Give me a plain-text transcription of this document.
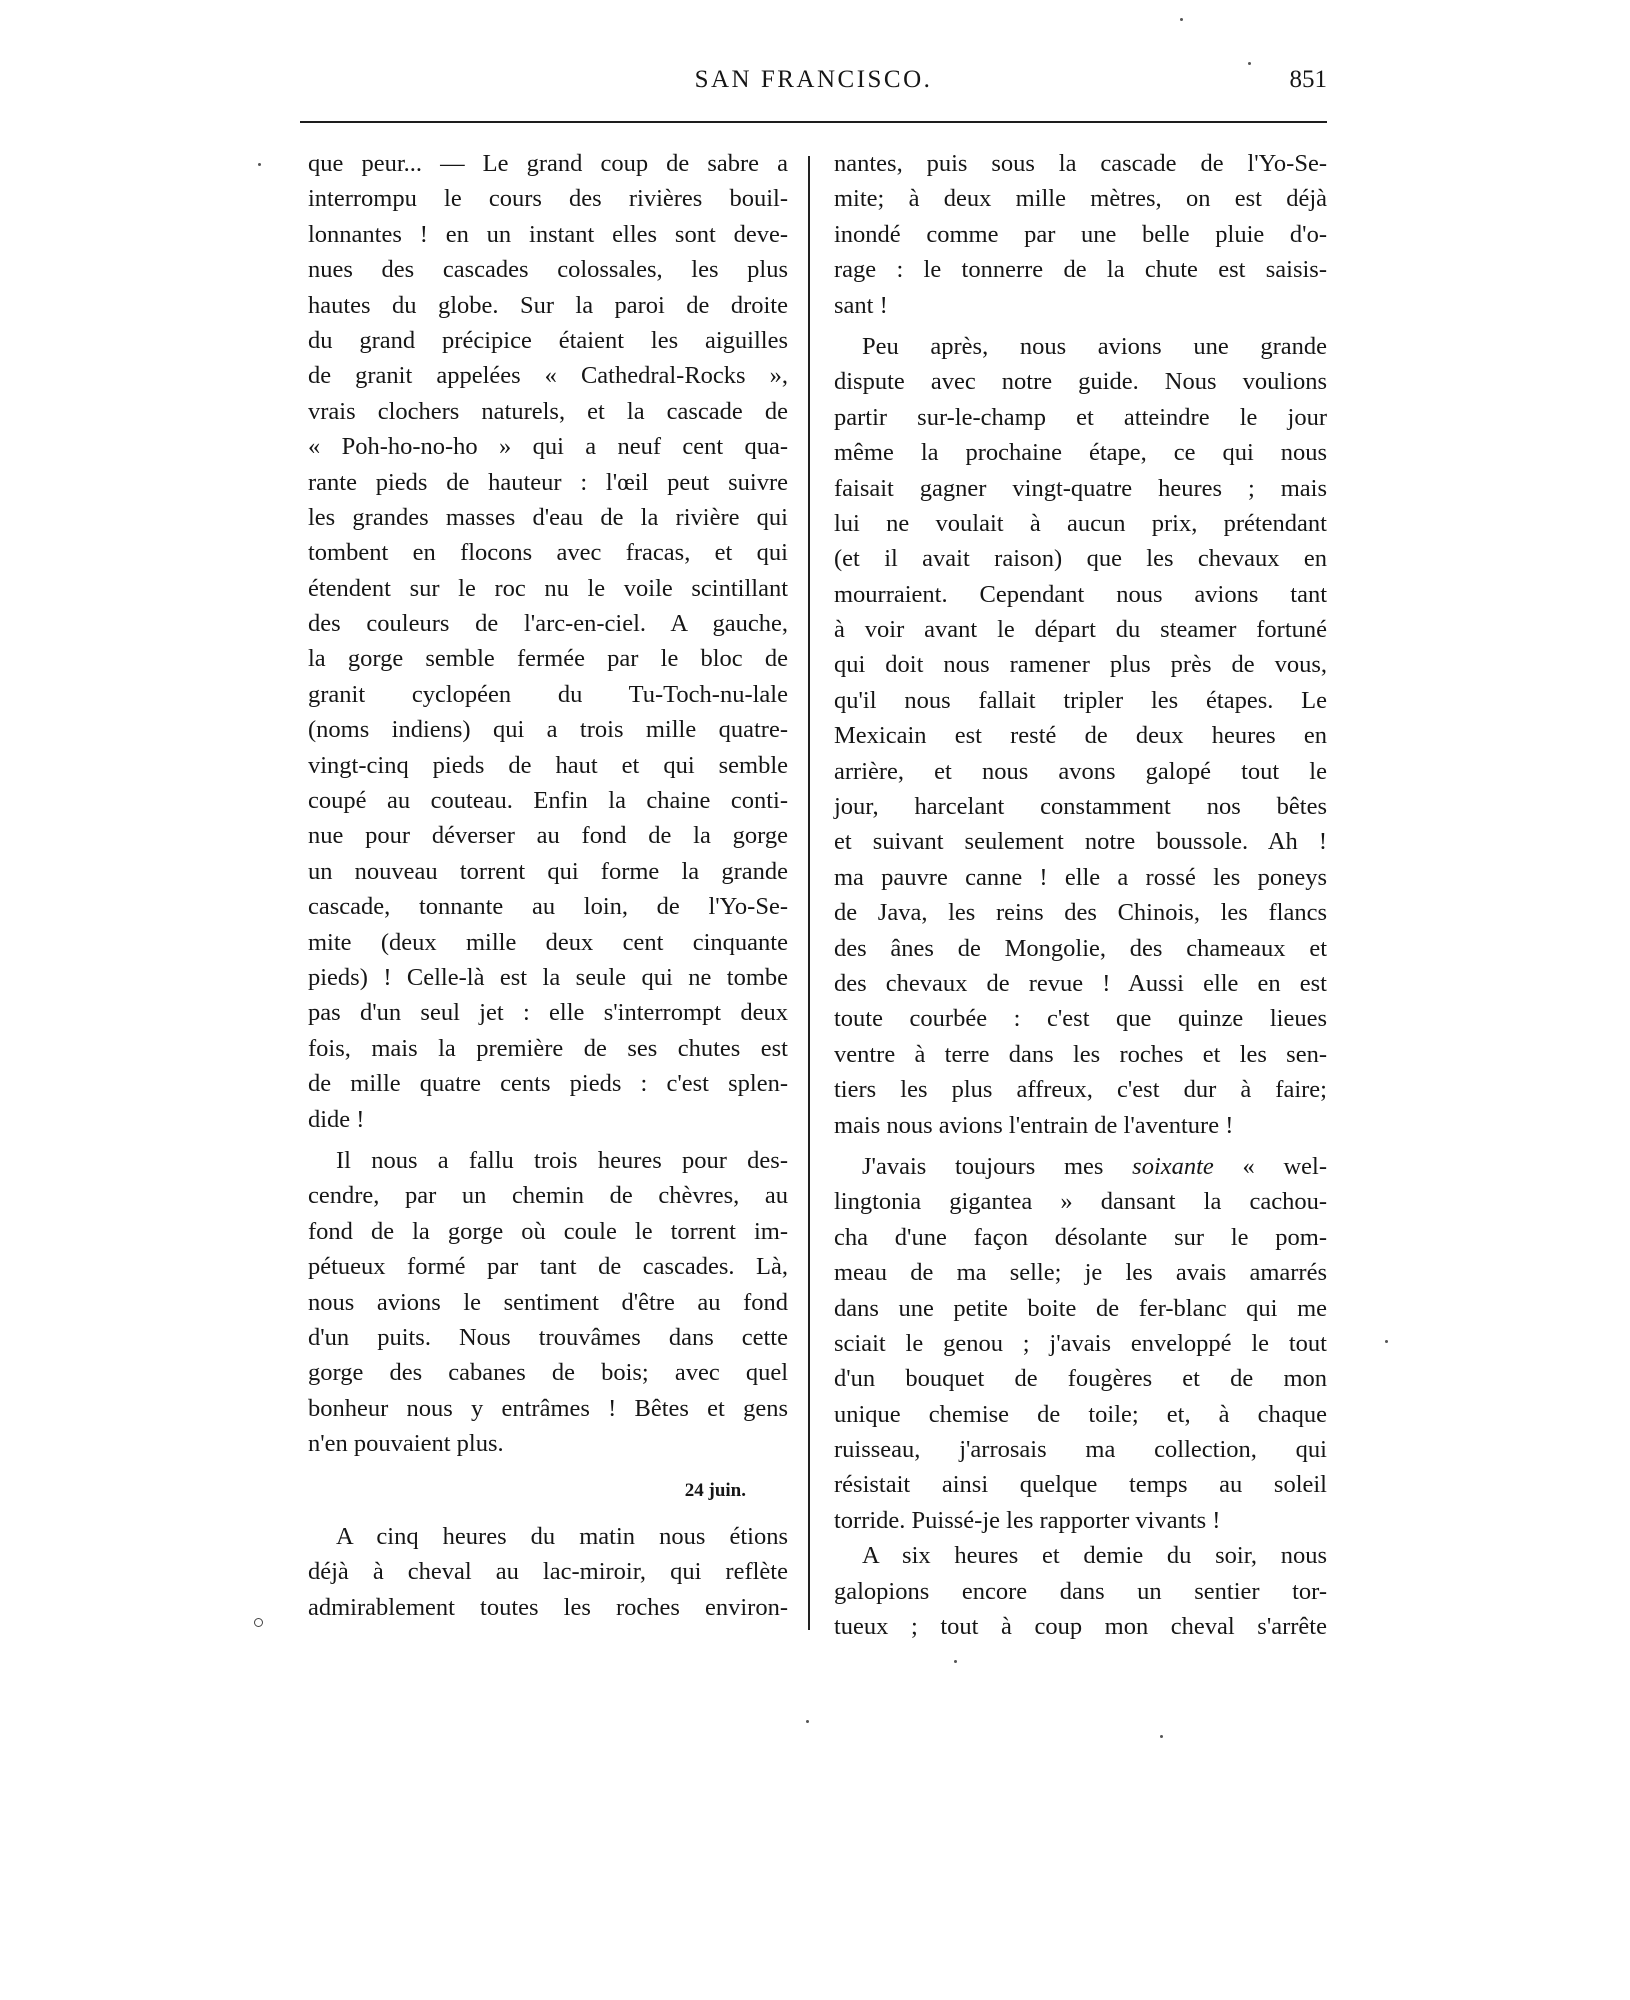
SAN FRANCISCO.	851
que peur... — Le grand coup de sabre a
interrompu le cours des rivières bouil-
lonnantes ! en un instant elles sont deve-
nues des cascades colossales, les plus
hautes du globe. Sur la paroi de droite
du grand précipice étaient les aiguilles
de granit appelées « Cathedral-Rocks »,
vrais clochers naturels, et la cascade de
« Poh-ho-no-ho » qui a neuf cent qua-
rante pieds de hauteur : l'œil peut suivre
les grandes masses d'eau de la rivière qui
tombent en flocons avec fracas, et qui
étendent sur le roc nu le voile scintillant
des couleurs de l'arc-en-ciel. A gauche,
la gorge semble fermée par le bloc de
granit cyclopéen du Tu-Toch-nu-lale
(noms indiens) qui a trois mille quatre-
vingt-cinq pieds de haut et qui semble
coupé au couteau. Enfin la chaine conti-
nue pour déverser au fond de la gorge
un nouveau torrent qui forme la grande
cascade, tonnante au loin, de l'Yo-Se-
mite (deux mille deux cent cinquante
pieds) ! Celle-là est la seule qui ne tombe
pas d'un seul jet : elle s'interrompt deux
fois, mais la première de ses chutes est
de mille quatre cents pieds : c'est splen-
dide !
Il nous a fallu trois heures pour des-
cendre, par un chemin de chèvres, au
fond de la gorge où coule le torrent im-
pétueux formé par tant de cascades. Là,
nous avions le sentiment d'être au fond
d'un puits. Nous trouvâmes dans cette
gorge des cabanes de bois; avec quel
bonheur nous y entrâmes ! Bêtes et gens
n'en pouvaient plus.
24 juin.
A cinq heures du matin nous étions
déjà à cheval au lac-miroir, qui reflète
admirablement toutes les roches environ-
nantes, puis sous la cascade de l'Yo-Se-
mite; à deux mille mètres, on est déjà
inondé comme par une belle pluie d'o-
rage : le tonnerre de la chute est saisis-
sant !
Peu après, nous avions une grande
dispute avec notre guide. Nous voulions
partir sur-le-champ et atteindre le jour
même la prochaine étape, ce qui nous
faisait gagner vingt-quatre heures ; mais
lui ne voulait à aucun prix, prétendant
(et il avait raison) que les chevaux en
mourraient. Cependant nous avions tant
à voir avant le départ du steamer fortuné
qui doit nous ramener plus près de vous,
qu'il nous fallait tripler les étapes. Le
Mexicain est resté de deux heures en
arrière, et nous avons galopé tout le
jour, harcelant constamment nos bêtes
et suivant seulement notre boussole. Ah !
ma pauvre canne ! elle a rossé les poneys
de Java, les reins des Chinois, les flancs
des ânes de Mongolie, des chameaux et
des chevaux de revue ! Aussi elle en est
toute courbée : c'est que quinze lieues
ventre à terre dans les roches et les sen-
tiers les plus affreux, c'est dur à faire;
mais nous avions l'entrain de l'aventure !
J'avais toujours mes soixante « wel-
lingtonia gigantea » dansant la cachou-
cha d'une façon désolante sur le pom-
meau de ma selle; je les avais amarrés
dans une petite boite de fer-blanc qui me
sciait le genou ; j'avais enveloppé le tout
d'un bouquet de fougères et de mon
unique chemise de toile; et, à chaque
ruisseau, j'arrosais ma collection, qui
résistait ainsi quelque temps au soleil
torride. Puissé-je les rapporter vivants !
A six heures et demie du soir, nous
galopions encore dans un sentier tor-
tueux ; tout à coup mon cheval s'arrête
